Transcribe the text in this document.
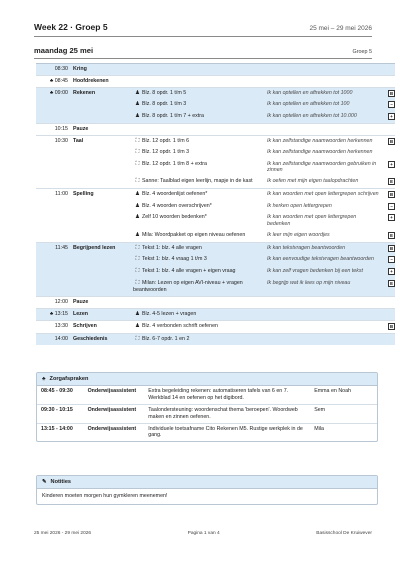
Week 22 · Groep 5	25 mei – 29 mei 2026
maandag 25 mei	Groep 5
08:30	Kring			
♣ 08:45	Hoofdrekenen			
♣ 09:00	Rekenen	♟ Blz. 8 opdr. 1 t/m 5	Ik kan optellen en aftrekken tot 1000	B
		♟ Blz. 8 opdr. 1 t/m 3	Ik kan optellen en aftrekken tot 100	−
		♟ Blz. 8 opdr. 1 t/m 7 + extra	Ik kan optellen en aftrekken tot 10.000	+
10:15	Pauze			
10:30	Taal	⛶ Blz. 12 opdr. 1 t/m 6	Ik kan zelfstandige naamwoorden herkennen	B
		⛶ Blz. 12 opdr. 1 t/m 3	Ik kan zelfstandige naamwoorden herkennen	
		⛶ Blz. 12 opdr. 1 t/m 8 + extra	Ik kan zelfstandige naamwoorden gebruiken in zinnen	+
		⛶ Sanne: Taalblad eigen leerlijn, mapje in de kast	Ik oefen met mijn eigen taalopdrachten	E
11:00	Spelling	♟ Blz. 4 woordenlijst oefenen*	Ik kan woorden met open lettergrepen schrijven	B
		♟ Blz. 4 woorden overschrijven*	Ik herken open lettergrepen	−
		♟ Zelf 10 woorden bedenken*	Ik kan woorden met open lettergrepen bedenken	+
		♟ Mila: Woordpakket op eigen niveau oefenen	Ik leer mijn eigen woordjes	E
11:45	Begrijpend lezen	⛶ Tekst 1: blz. 4 alle vragen	Ik kan tekstvragen beantwoorden	B
		⛶ Tekst 1: blz. 4 vraag 1 t/m 3	Ik kan eenvoudige tekstvragen beantwoorden	−
		⛶ Tekst 1: blz. 4 alle vragen + eigen vraag	Ik kan zelf vragen bedenken bij een tekst	+
		⛶ Milan: Lezen op eigen AVI-niveau + vragen beantwoorden	Ik begrijp wat ik lees op mijn niveau	E
12:00	Pauze			
♣ 13:15	Lezen	♟ Blz. 4-5 lezen + vragen		
13:30	Schrijven	♟ Blz. 4 verbonden schrift oefenen		B
14:00	Geschiedenis	⛶ Blz. 6-7 opdr. 1 en 2		
♣ Zorgafspraken
08:45 - 09:30	Onderwijsassistent	Extra begeleiding rekenen: automatiseren tafels van 6 en 7. Werkblad 14 en oefenen op het digibord.	Emma en Noah
09:30 - 10:15	Onderwijsassistent	Taalondersteuning: woordenschat thema 'beroepen'. Woordweb maken en zinnen oefenen.	Sem
13:15 - 14:00	Onderwijsassistent	Individuele toetsafname Cito Rekenen M5. Rustige werkplek in de gang.	Mila
✎ Notities
Kinderen moeten morgen hun gymkleren meenemen!
25 mei 2026 - 29 mei 2026	Pagina 1 van 4	Basisschool De Kruiwever
